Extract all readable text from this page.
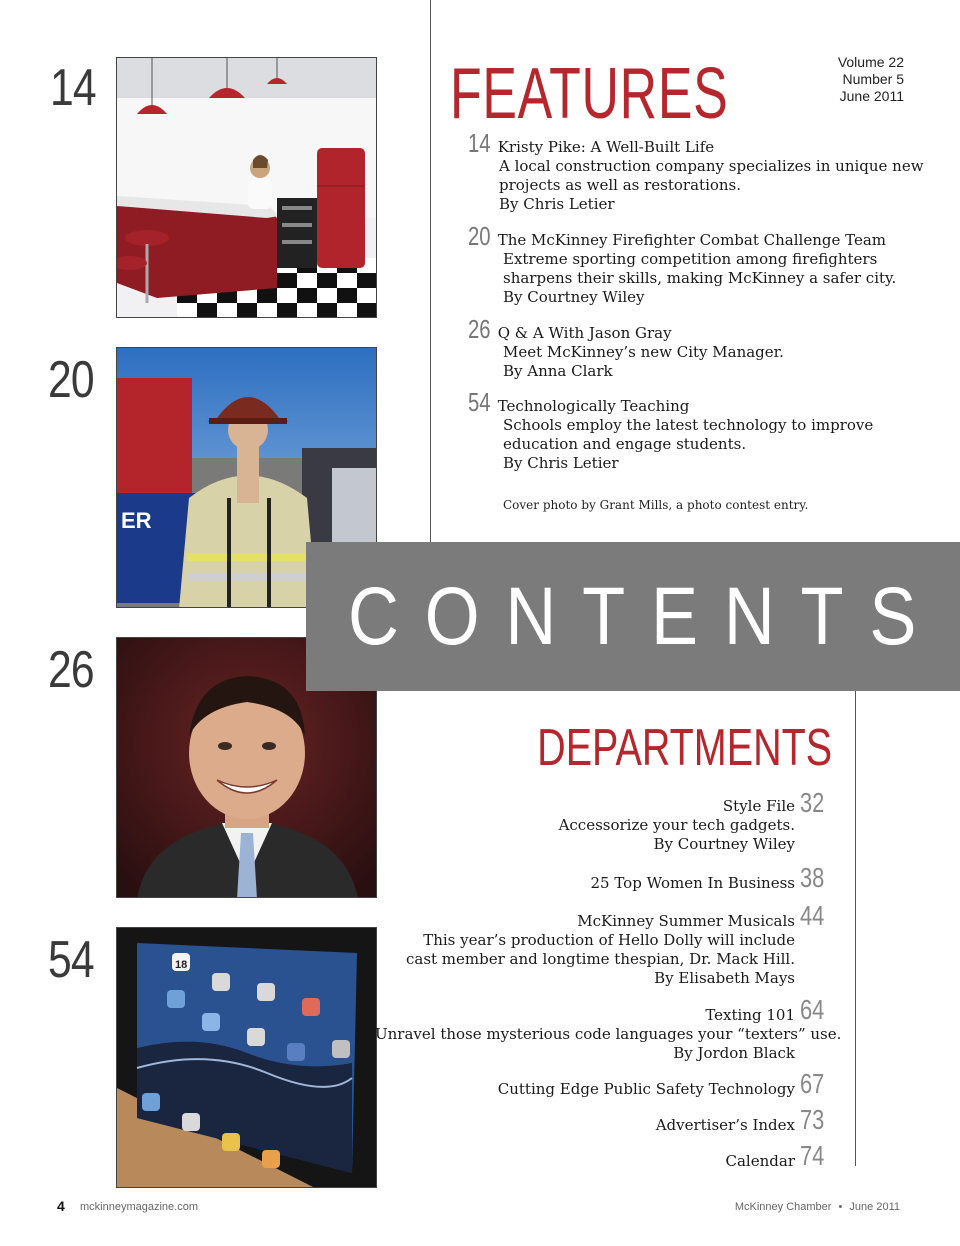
14
20
26
54
ER
18
FEATURES	Volume 22
Number 5
June 2011
14 Kristy Pike: A Well-Built Life
A local construction company specializes in unique new
projects as well as restorations.
By Chris Letier
20 The McKinney Firefighter Combat Challenge Team
Extreme sporting competition among firefighters
sharpens their skills, making McKinney a safer city.
By Courtney Wiley
26 Q & A With Jason Gray
Meet McKinney’s new City Manager.
By Anna Clark
54 Technologically Teaching
Schools employ the latest technology to improve
education and engage students.
By Chris Letier
Cover photo by Grant Mills, a photo contest entry.
CONTENTS
DEPARTMENTS
Style File
Accessorize your tech gadgets.
By Courtney Wiley
32
25 Top Women In Business 38
McKinney Summer Musicals
This year’s production of Hello Dolly will include
cast member and longtime thespian, Dr. Mack Hill.
By Elisabeth Mays
44
Texting 101
Unravel those mysterious code languages your “texters” use.
By Jordon Black
64
Cutting Edge Public Safety Technology 67
Advertiser’s Index 73
Calendar 74
4 mckinneymagazine.com	McKinney Chamber • June 2011
